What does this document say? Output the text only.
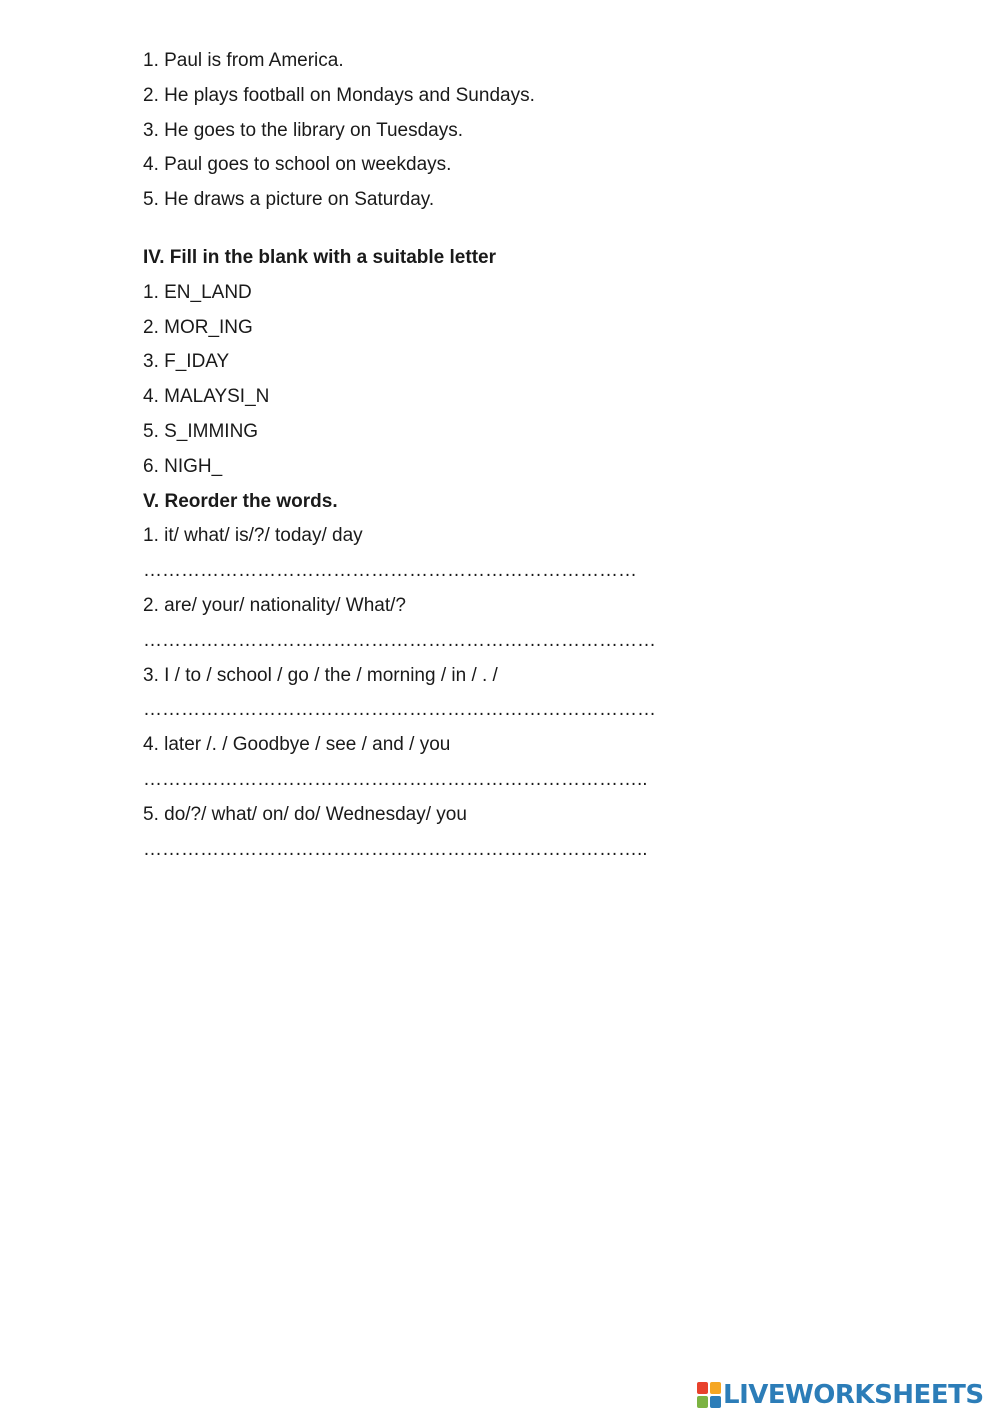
1. Paul is from America.
2. He plays football on Mondays and Sundays.
3. He goes to the library on Tuesdays.
4. Paul goes to school on weekdays.
5. He draws a picture on Saturday.
IV. Fill in the blank with a suitable letter
1. EN_LAND
2. MOR_ING
3. F_IDAY
4. MALAYSI_N
5. S_IMMING
6. NIGH_
V. Reorder the words.
1. it/ what/ is/?/ today/ day
……………………………………………………………………
2. are/ your/ nationality/ What/?
………………………………………………………………………
3. I / to / school / go / the / morning / in / . /
………………………………………………………………………
4. later /. / Goodbye / see / and / you
……………………………………………………………………..
5. do/?/ what/ on/ do/ Wednesday/ you
……………………………………………………………………..
LIVEWORKSHEETS
